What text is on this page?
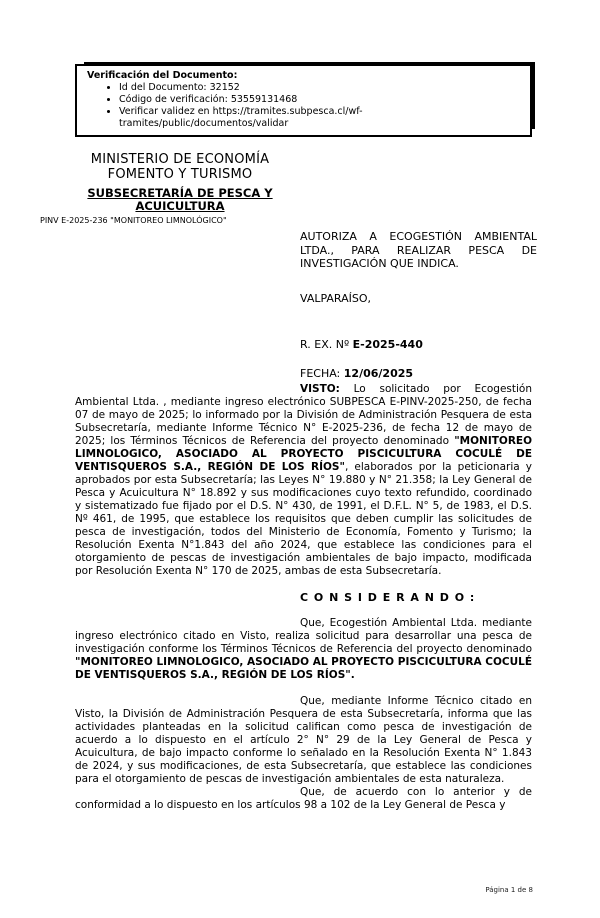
Verificación del Documento:
• Id del Documento: 32152
• Código de verificación: 53559131468
• Verificar validez en https://tramites.subpesca.cl/wf-tramites/public/documentos/validar
MINISTERIO DE ECONOMÍA
FOMENTO Y TURISMO
SUBSECRETARÍA DE PESCA Y ACUICULTURA
PINV E-2025-236 "MONITOREO LIMNOLÓGICO"

AUTORIZA A ECOGESTIÓN AMBIENTAL LTDA., PARA REALIZAR PESCA DE INVESTIGACIÓN QUE INDICA.

VALPARAÍSO,
R. EX. Nº E-2025-440
FECHA: 12/06/2025

VISTO: Lo solicitado por Ecogestión Ambiental Ltda. , mediante ingreso electrónico SUBPESCA E-PINV-2025-250, de fecha 07 de mayo de 2025; lo informado por la División de Administración Pesquera de esta Subsecretaría, mediante Informe Técnico N° E-2025-236, de fecha 12 de mayo de 2025; los Términos Técnicos de Referencia del proyecto denominado "MONITOREO LIMNOLOGICO, ASOCIADO AL PROYECTO PISCICULTURA COCULÉ DE VENTISQUEROS S.A., REGIÓN DE LOS RÍOS", elaborados por la peticionaria y aprobados por esta Subsecretaría; las Leyes N° 19.880 y N° 21.358; la Ley General de Pesca y Acuicultura N° 18.892 y sus modificaciones cuyo texto refundido, coordinado y sistematizado fue fijado por el D.S. N° 430, de 1991, el D.F.L. N° 5, de 1983, el D.S. Nº 461, de 1995, que establece los requisitos que deben cumplir las solicitudes de pesca de investigación, todos del Ministerio de Economía, Fomento y Turismo; la Resolución Exenta N°1.843 del año 2024, que establece las condiciones para el otorgamiento de pescas de investigación ambientales de bajo impacto, modificada por Resolución Exenta N° 170 de 2025, ambas de esta Subsecretaría.

C O N S I D E R A N D O :

Que, Ecogestión Ambiental Ltda. mediante ingreso electrónico citado en Visto, realiza solicitud para desarrollar una pesca de investigación conforme los Términos Técnicos de Referencia del proyecto denominado "MONITOREO LIMNOLOGICO, ASOCIADO AL PROYECTO PISCICULTURA COCULÉ DE VENTISQUEROS S.A., REGIÓN DE LOS RÍOS".

Que, mediante Informe Técnico citado en Visto, la División de Administración Pesquera de esta Subsecretaría, informa que las actividades planteadas en la solicitud califican como pesca de investigación de acuerdo a lo dispuesto en el artículo 2° N° 29 de la Ley General de Pesca y Acuicultura, de bajo impacto conforme lo señalado en la Resolución Exenta N° 1.843 de 2024, y sus modificaciones, de esta Subsecretaría, que establece las condiciones para el otorgamiento de pescas de investigación ambientales de esta naturaleza.

Que, de acuerdo con lo anterior y de conformidad a lo dispuesto en los artículos 98 a 102 de la Ley General de Pesca y

Página 1 de 8
